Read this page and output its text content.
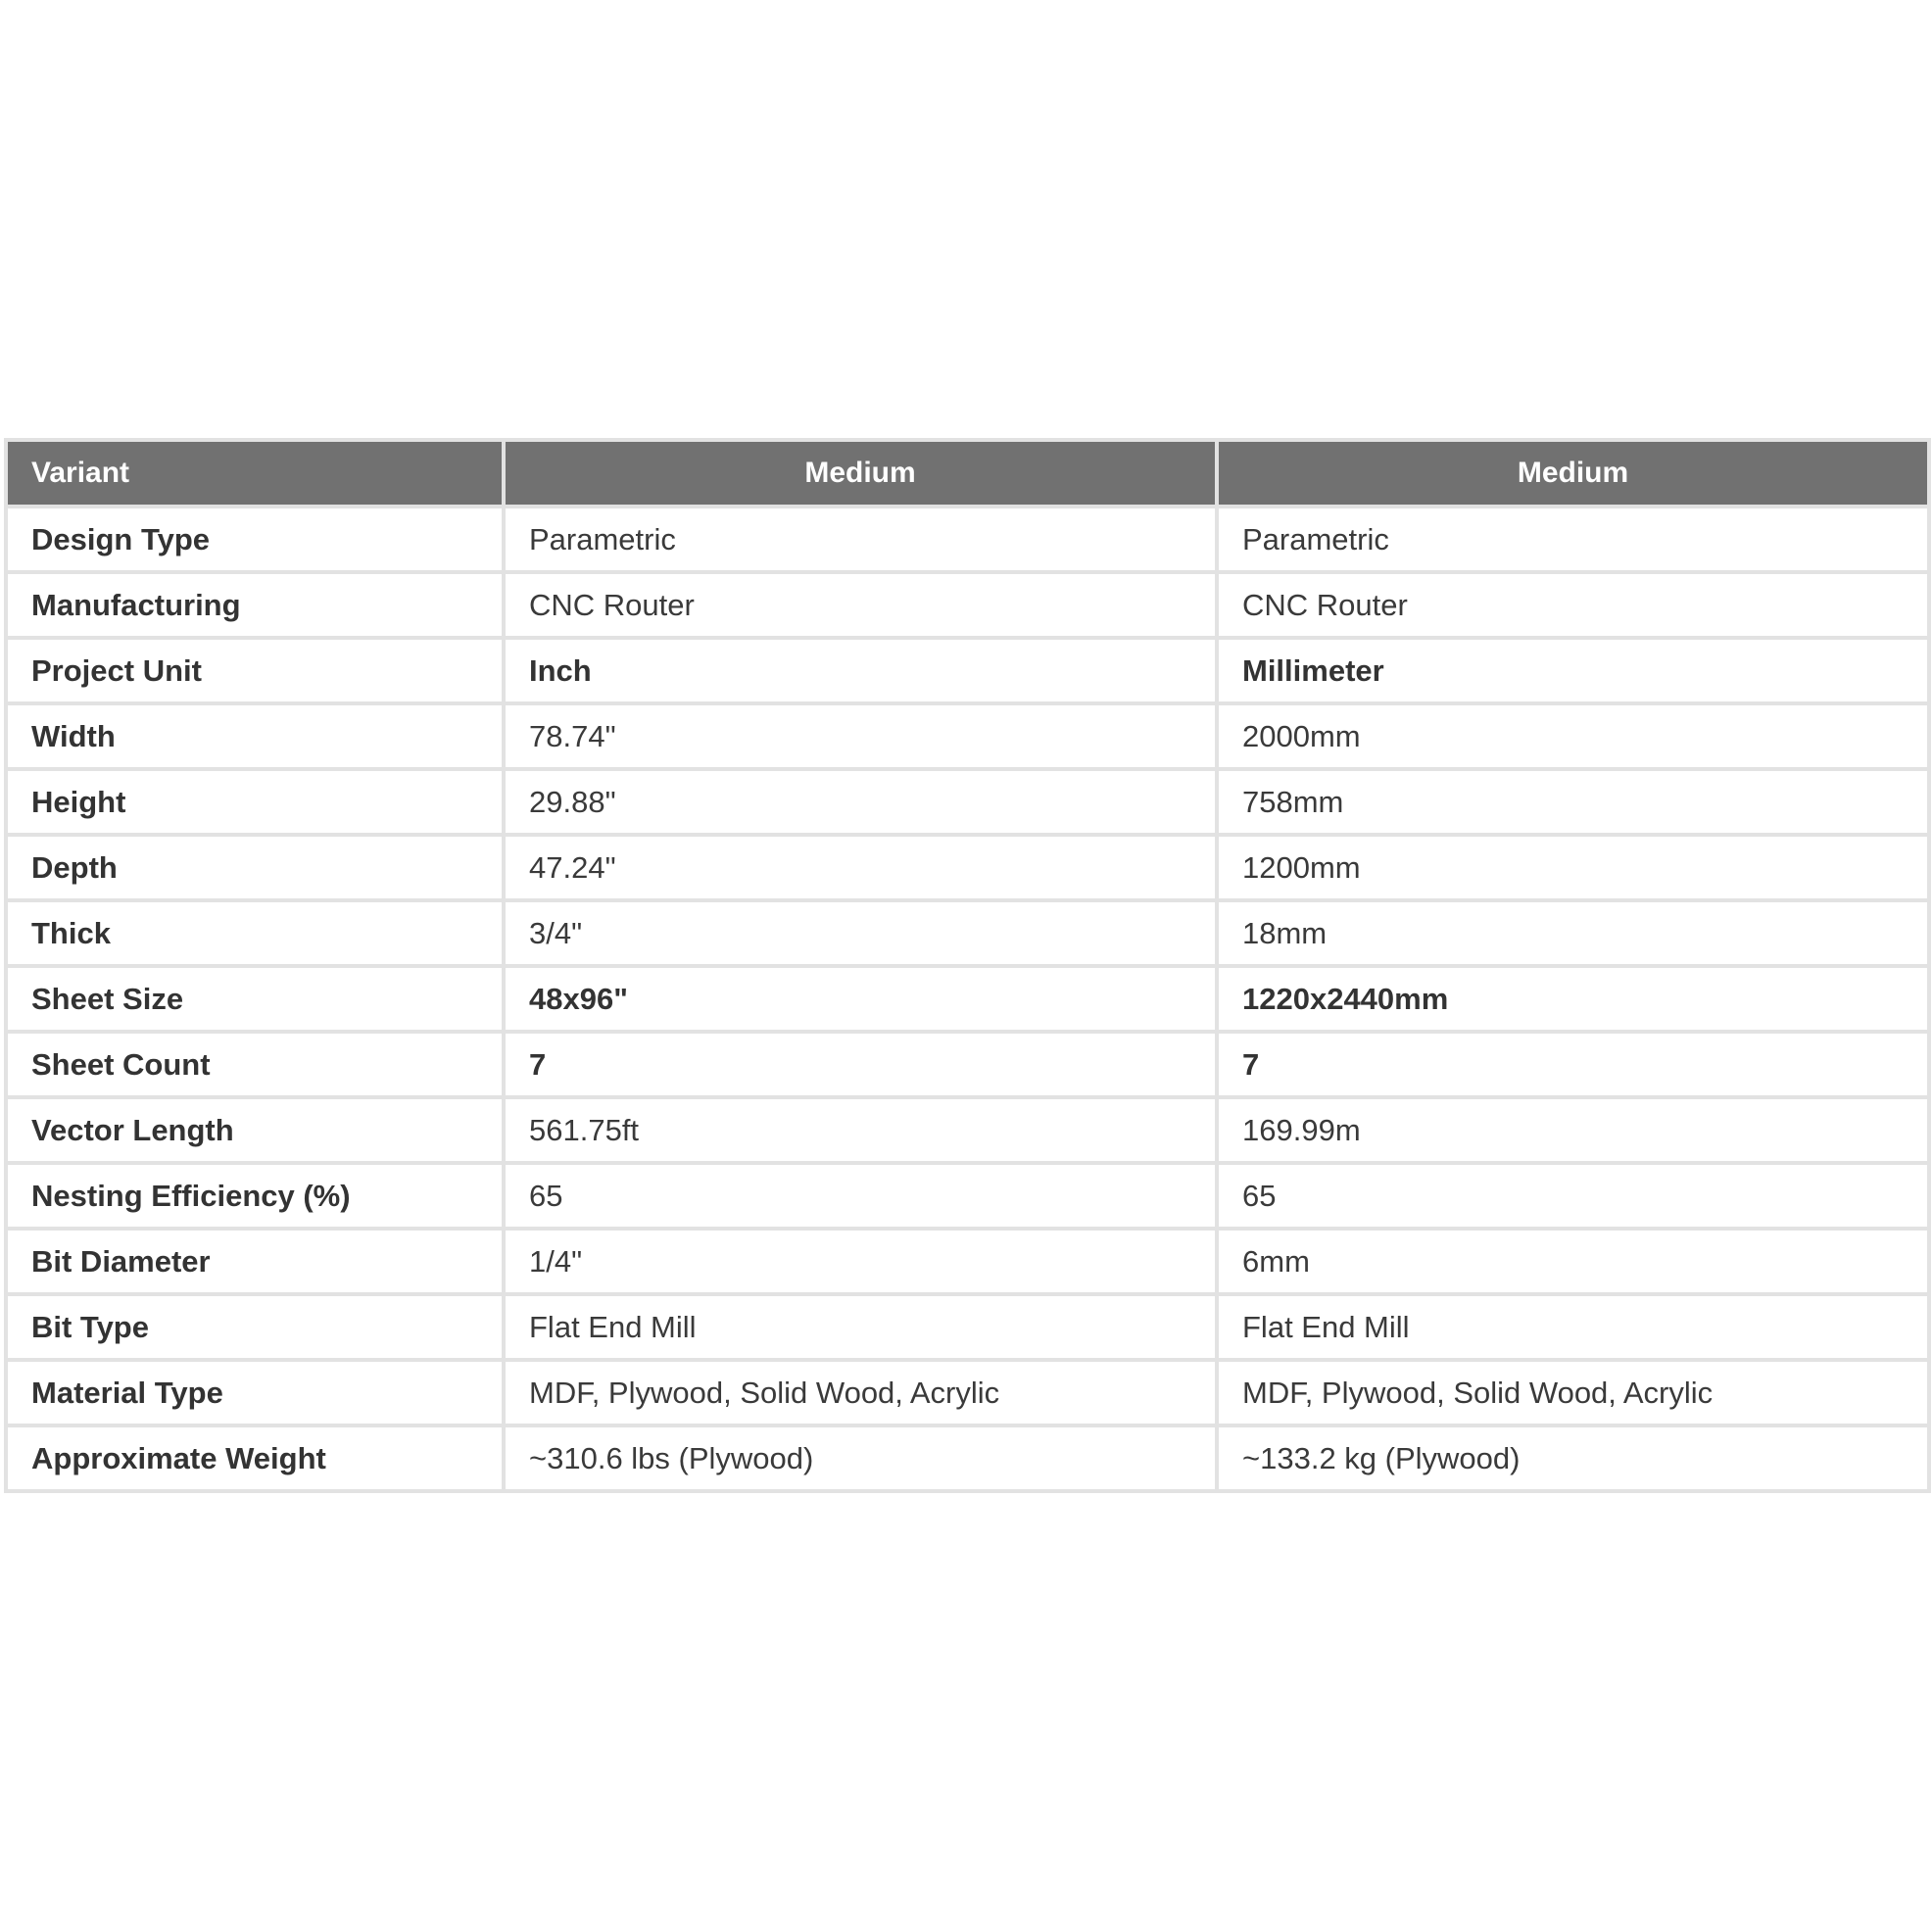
Variant	Medium	Medium
Design Type	Parametric	Parametric
Manufacturing	CNC Router	CNC Router
Project Unit	Inch	Millimeter
Width	78.74"	2000mm
Height	29.88"	758mm
Depth	47.24"	1200mm
Thick	3/4"	18mm
Sheet Size	48x96"	1220x2440mm
Sheet Count	7	7
Vector Length	561.75ft	169.99m
Nesting Efficiency (%)	65	65
Bit Diameter	1/4"	6mm
Bit Type	Flat End Mill	Flat End Mill
Material Type	MDF, Plywood, Solid Wood, Acrylic	MDF, Plywood, Solid Wood, Acrylic
Approximate Weight	~310.6 lbs (Plywood)	~133.2 kg (Plywood)
